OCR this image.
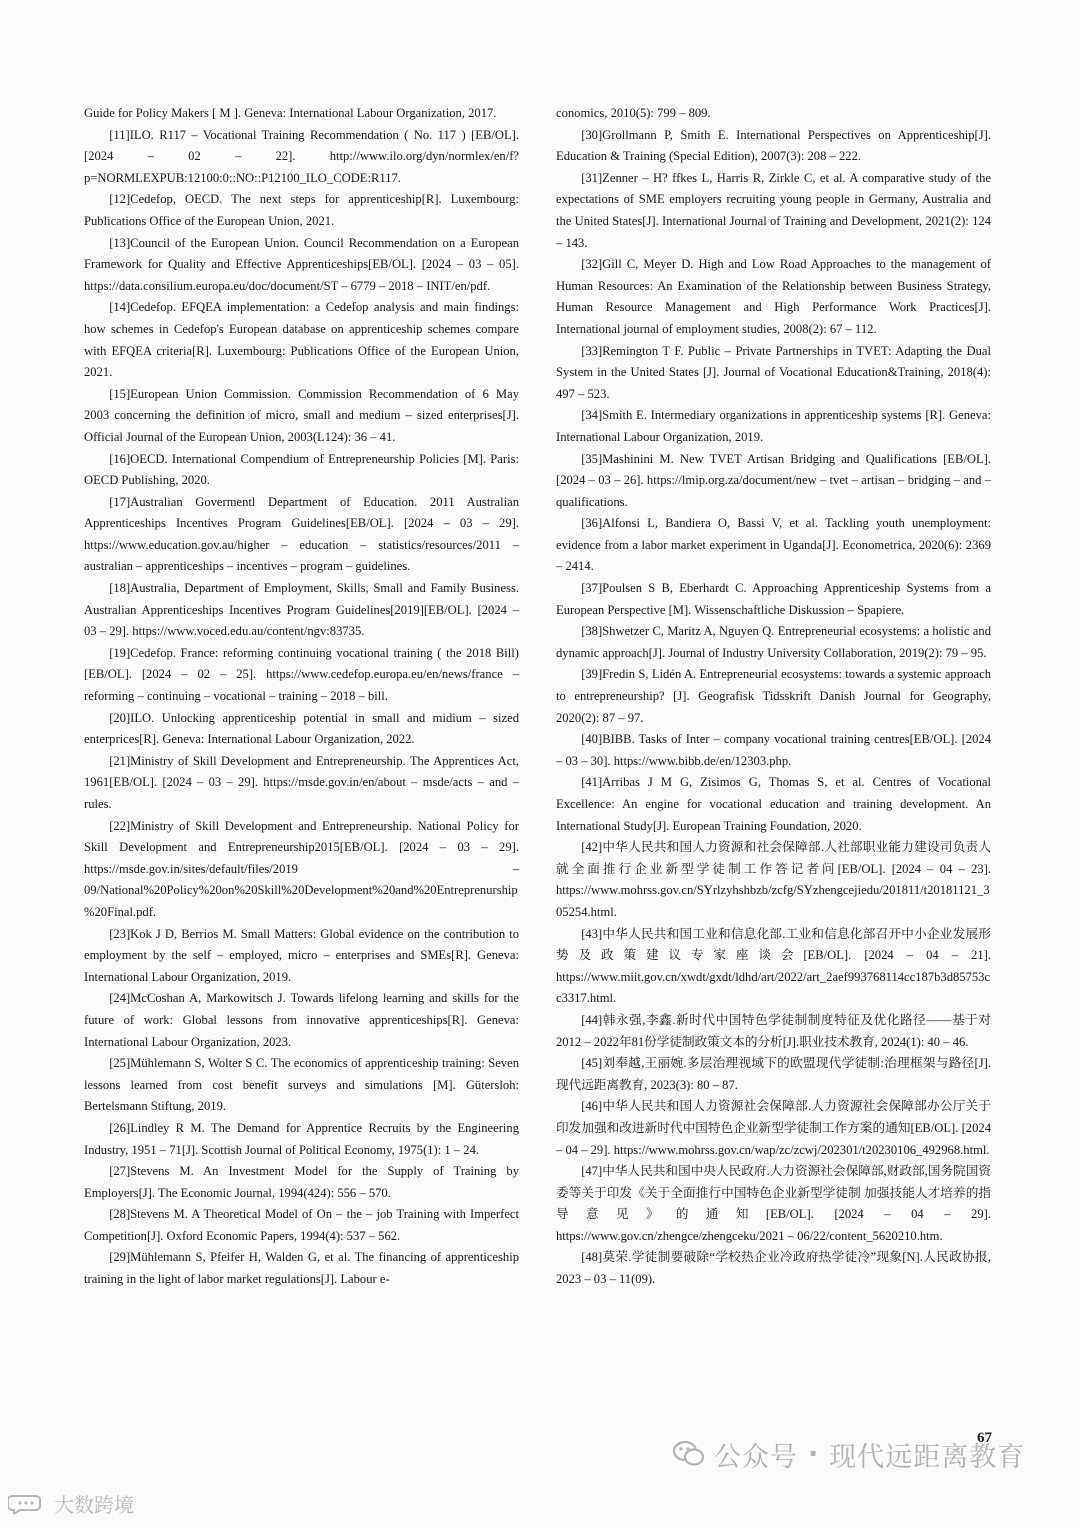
Guide for Policy Makers [ M ]. Geneva: International Labour Organization, 2017.

[11]ILO. R117 – Vocational Training Recommendation ( No. 117 ) [EB/OL]. [2024 – 02 – 22]. http://www.ilo.org/dyn/normlex/en/f?p=NORMLEXPUB:12100:0::NO::P12100_ILO_CODE:R117.

[12]Cedefop, OECD. The next steps for apprenticeship[R]. Luxembourg: Publications Office of the European Union, 2021.

[13]Council of the European Union. Council Recommendation on a European Framework for Quality and Effective Apprenticeships[EB/OL]. [2024 – 03 – 05]. https://data.consilium.europa.eu/doc/document/ST – 6779 – 2018 – INIT/en/pdf.

[14]Cedefop. EFQEA implementation: a Cedefop analysis and main findings: how schemes in Cedefop's European database on apprenticeship schemes compare with EFQEA criteria[R]. Luxembourg: Publications Office of the European Union, 2021.

[15]European Union Commission. Commission Recommendation of 6 May 2003 concerning the definition of micro, small and medium – sized enterprises[J]. Official Journal of the European Union, 2003(L124): 36 – 41.

[16]OECD. International Compendium of Entrepreneurship Policies [M]. Paris: OECD Publishing, 2020.

[17]Australian Govermentl Department of Education. 2011 Australian Apprenticeships Incentives Program Guidelines[EB/OL]. [2024 – 03 – 29]. https://www.education.gov.au/higher – education – statistics/resources/2011 – australian – apprenticeships – incentives – program – guidelines.

[18]Australia, Department of Employment, Skills, Small and Family Business. Australian Apprenticeships Incentives Program Guidelines[2019][EB/OL]. [2024 – 03 – 29]. https://www.voced.edu.au/content/ngv:83735.

[19]Cedefop. France: reforming continuing vocational training ( the 2018 Bill) [EB/OL]. [2024 – 02 – 25]. https://www.cedefop.europa.eu/en/news/france – reforming – continuing – vocational – training – 2018 – bill.

[20]ILO. Unlocking apprenticeship potential in small and midium – sized enterprices[R]. Geneva: International Labour Organization, 2022.

[21]Ministry of Skill Development and Entrepreneurship. The Apprentices Act, 1961[EB/OL]. [2024 – 03 – 29]. https://msde.gov.in/en/about – msde/acts – and – rules.

[22]Ministry of Skill Development and Entrepreneurship. National Policy for Skill Development and Entrepreneurship2015[EB/OL]. [2024 – 03 – 29]. https://msde.gov.in/sites/default/files/2019 – 09/National%20Policy%20on%20Skill%20Development%20and%20Entreprenurship%20Final.pdf.

[23]Kok J D, Berrios M. Small Matters: Global evidence on the contribution to employment by the self – employed, micro – enterprises and SMEs[R]. Geneva: International Labour Organization, 2019.

[24]McCoshan A, Markowitsch J. Towards lifelong learning and skills for the future of work: Global lessons from innovative apprenticeships[R]. Geneva: International Labour Organization, 2023.

[25]Mühlemann S, Wolter S C. The economics of apprenticeship training: Seven lessons learned from cost benefit surveys and simulations [M]. Gütersloh: Bertelsmann Stiftung, 2019.

[26]Lindley R M. The Demand for Apprentice Recruits by the Engineering Industry, 1951 – 71[J]. Scottish Journal of Political Economy, 1975(1): 1 – 24.

[27]Stevens M. An Investment Model for the Supply of Training by Employers[J]. The Economic Journal, 1994(424): 556 – 570.

[28]Stevens M. A Theoretical Model of On – the – job Training with Imperfect Competition[J]. Oxford Economic Papers, 1994(4): 537 – 562.

[29]Mühlemann S, Pfeifer H, Walden G, et al. The financing of apprenticeship training in the light of labor market regulations[J]. Labour e-

conomics, 2010(5): 799 – 809.

[30]Grollmann P, Smith E. International Perspectives on Apprenticeship[J]. Education & Training (Special Edition), 2007(3): 208 – 222.

[31]Zenner – H? ffkes L, Harris R, Zirkle C, et al. A comparative study of the expectations of SME employers recruiting young people in Germany, Australia and the United States[J]. International Journal of Training and Development, 2021(2): 124 – 143.

[32]Gill C, Meyer D. High and Low Road Approaches to the management of Human Resources: An Examination of the Relationship between Business Strategy, Human Resource Management and High Performance Work Practices[J]. International journal of employment studies, 2008(2): 67 – 112.

[33]Remington T F. Public – Private Partnerships in TVET: Adapting the Dual System in the United States [J]. Journal of Vocational Education&Training, 2018(4): 497 – 523.

[34]Smith E. Intermediary organizations in apprenticeship systems [R]. Geneva: International Labour Organization, 2019.

[35]Mashinini M. New TVET Artisan Bridging and Qualifications [EB/OL]. [2024 – 03 – 26]. https://lmip.org.za/document/new – tvet – artisan – bridging – and – qualifications.

[36]Alfonsi L, Bandiera O, Bassi V, et al. Tackling youth unemployment: evidence from a labor market experiment in Uganda[J]. Econometrica, 2020(6): 2369 – 2414.

[37]Poulsen S B, Eberhardt C. Approaching Apprenticeship Systems from a European Perspective [M]. Wissenschaftliche Diskussion – Spapiere.

[38]Shwetzer C, Maritz A, Nguyen Q. Entrepreneurial ecosystems: a holistic and dynamic approach[J]. Journal of Industry University Collaboration, 2019(2): 79 – 95.

[39]Fredin S, Lidén A. Entrepreneurial ecosystems: towards a systemic approach to entrepreneurship? [J]. Geografisk Tidsskrift Danish Journal for Geography, 2020(2): 87 – 97.

[40]BIBB. Tasks of Inter – company vocational training centres[EB/OL]. [2024 – 03 – 30]. https://www.bibb.de/en/12303.php.

[41]Arribas J M G, Zisimos G, Thomas S, et al. Centres of Vocational Excellence: An engine for vocational education and training development. An International Study[J]. European Training Foundation, 2020.

[42]中华人民共和国人力资源和社会保障部.人社部职业能力建设司负责人就全面推行企业新型学徒制工作答记者问[EB/OL]. [2024 – 04 – 23]. https://www.mohrss.gov.cn/SYrlzyhshbzb/zcfg/SYzhengcejiedu/201811/t20181121_305254.html.

[43]中华人民共和国工业和信息化部.工业和信息化部召开中小企业发展形势及政策建议专家座谈会[EB/OL]. [2024 – 04 – 21]. https://www.miit.gov.cn/xwdt/gxdt/ldhd/art/2022/art_2aef993768114cc187b3d85753cc3317.html.

[44]韩永强,李鑫.新时代中国特色学徒制制度特征及优化路径——基于对2012 – 2022年81份学徒制政策文本的分析[J].职业技术教育, 2024(1): 40 – 46.

[45]刘奉越,王丽婉.多层治理视域下的欧盟现代学徒制:治理框架与路径[J].现代远距离教育, 2023(3): 80 – 87.

[46]中华人民共和国人力资源社会保障部.人力资源社会保障部办公厅关于印发加强和改进新时代中国特色企业新型学徒制工作方案的通知[EB/OL]. [2024 – 04 – 29]. https://www.mohrss.gov.cn/wap/zc/zcwj/202301/t20230106_492968.html.

[47]中华人民共和国中央人民政府.人力资源社会保障部,财政部,国务院国资委等关于印发《关于全面推行中国特色企业新型学徒制 加强技能人才培养的指导意见》的通知[EB/OL]. [2024 – 04 – 29]. https://www.gov.cn/zhengce/zhengceku/2021 – 06/22/content_5620210.htm.

[48]莫荣.学徒制要破除“学校热企业冷政府热学徒冷”现象[N].人民政协报, 2023 – 03 – 11(09).

67
公众号 · 现代远距离教育
大数跨境
